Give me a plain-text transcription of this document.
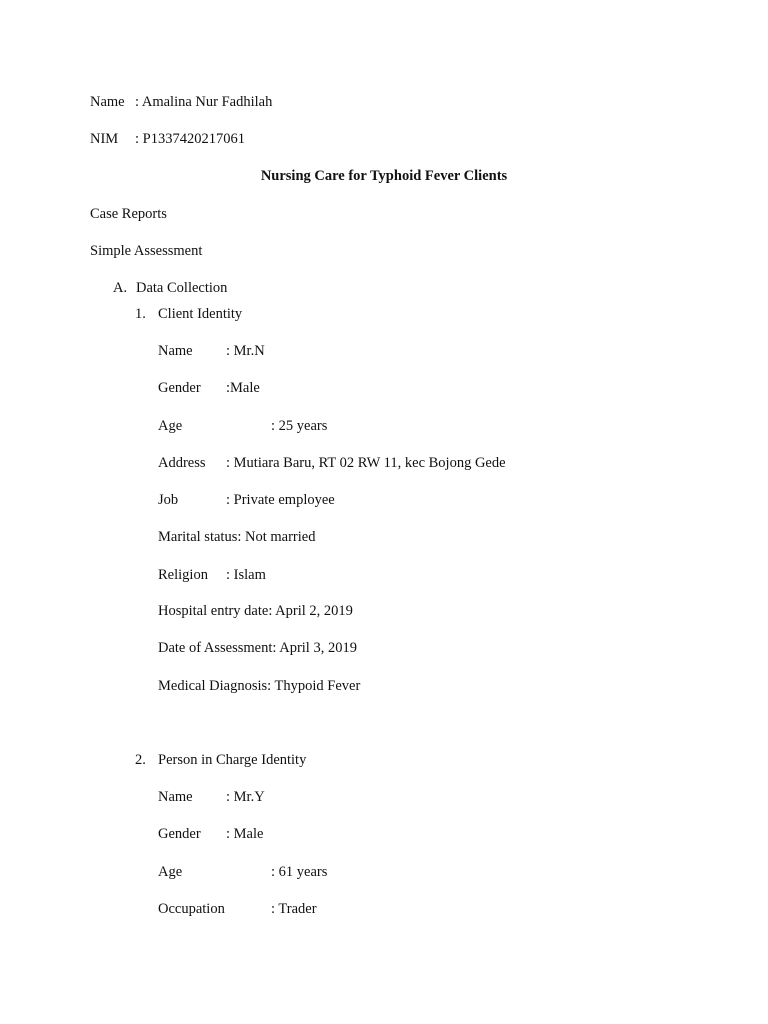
Name

: Amalina Nur Fadhilah

NIM

: P1337420217061

Nursing Care for Typhoid Fever Clients
Case Reports
Simple Assessment

A.

Data Collection

1.

Client Identity

Name

: Mr.N

Gender

:Male

Age

	: 25 years

Address

: Mutiara Baru, RT 02 RW 11, kec Bojong Gede

Job

	: Private employee

Marital status: Not married

Religion

: Islam

Hospital entry date: April 2, 2019
Date of Assessment: April 3, 2019
Medical Diagnosis: Thypoid Fever

2.

Person in Charge Identity

Name

: Mr.Y

Gender

: Male

Age

	: 61 years

Occupation

	: Trader
